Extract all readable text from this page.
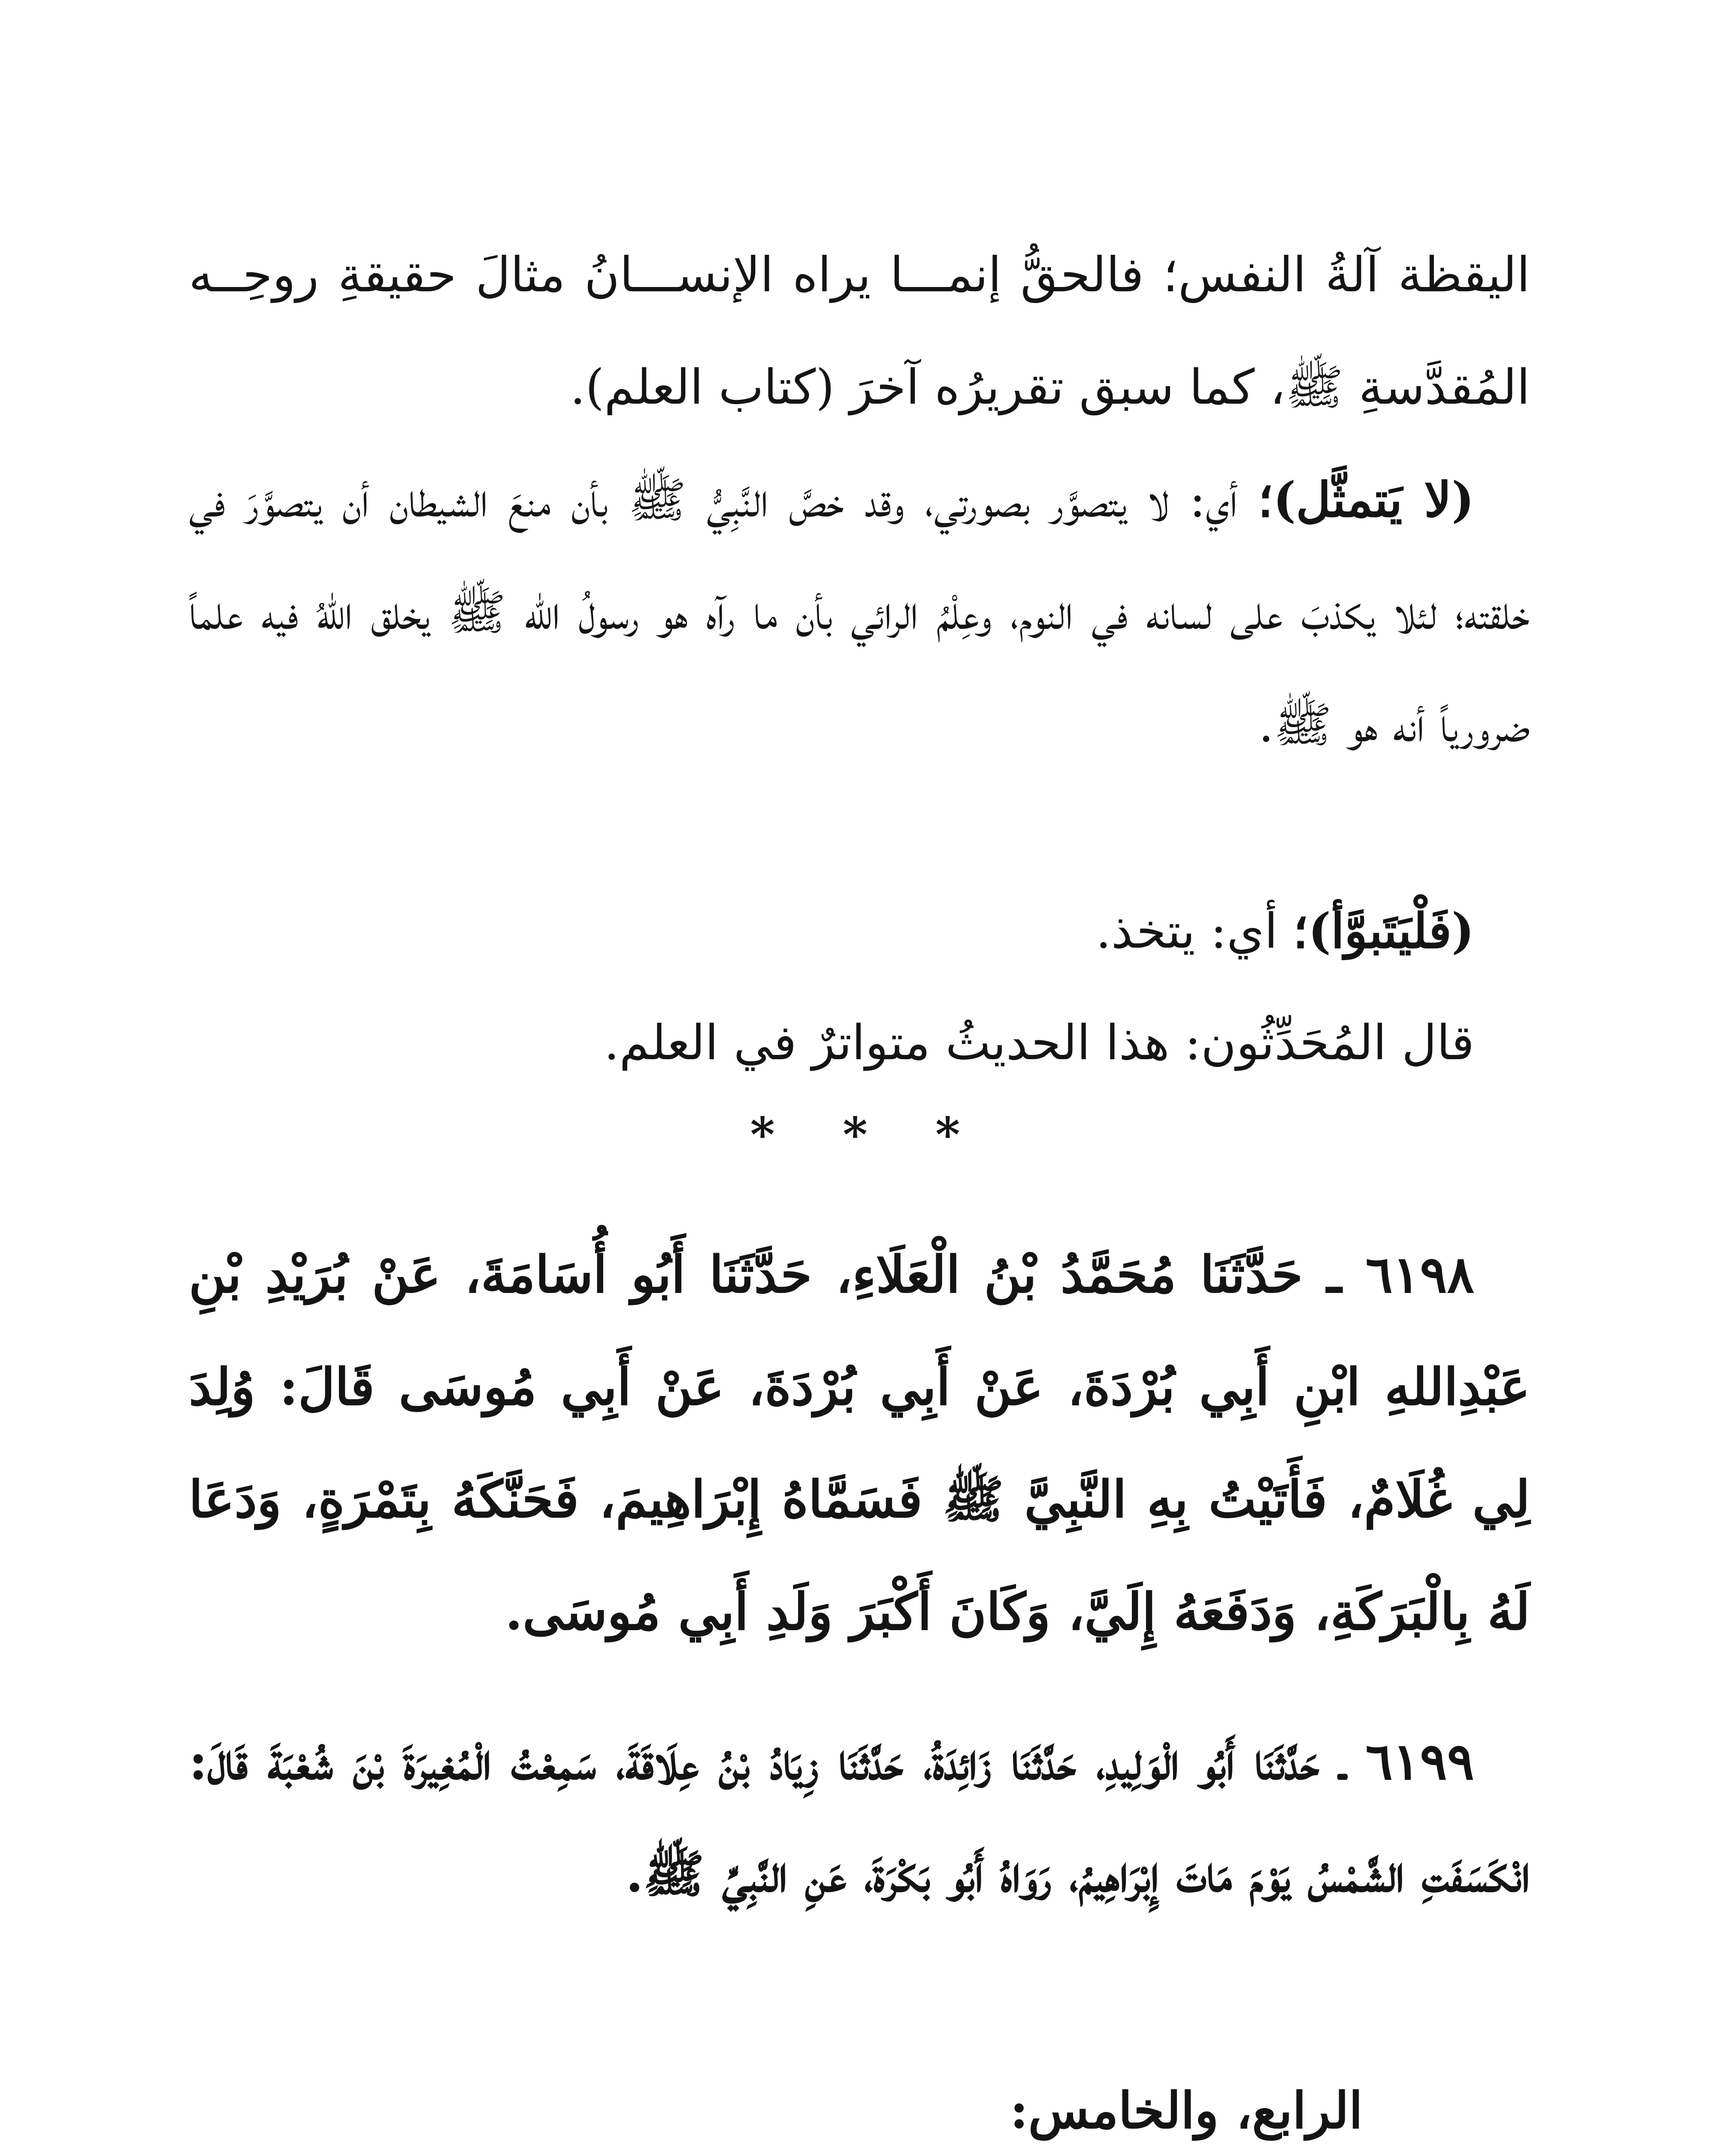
اليقظة آلةُ النفس؛ فالحقُّ إنمـــا يراه الإنســـانُ مثالَ حقيقةِ روحِــه المُقدَّسةِ ﷺ، كما سبق تقريرُه آخرَ (كتاب العلم).

(لا يَتمثَّل)؛ أي: لا يتصوَّر بصورتي، وقد خصَّ النَّبِيُّ ﷺ بأن منعَ الشيطان أن يتصوَّرَ في خلقته؛ لئلا يكذبَ على لسانه في النوم، وعِلْمُ الرائي بأن ما رآه هو رسولُ الله ﷺ يخلق اللهُ فيه علماً ضرورياً أنه هو ﷺ.

(فَلْيَتَبوَّأ)؛ أي: يتخذ.

قال المُحَدِّثُون: هذا الحديثُ متواترٌ في العلم.

* * *

٦١٩٨ ـ حَدَّثَنَا مُحَمَّدُ بْنُ الْعَلَاءِ، حَدَّثَنَا أَبُو أُسَامَةَ، عَنْ بُرَيْدِ بْنِ عَبْدِاللهِ ابْنِ أَبِي بُرْدَةَ، عَنْ أَبِي بُرْدَةَ، عَنْ أَبِي مُوسَى قَالَ: وُلِدَ لِي غُلَامٌ، فَأَتَيْتُ بِهِ النَّبِيَّ ﷺ فَسَمَّاهُ إِبْرَاهِيمَ، فَحَنَّكَهُ بِتَمْرَةٍ، وَدَعَا لَهُ بِالْبَرَكَةِ، وَدَفَعَهُ إِلَيَّ، وَكَانَ أَكْبَرَ وَلَدِ أَبِي مُوسَى.

٦١٩٩ ـ حَدَّثَنَا أَبُو الْوَلِيدِ، حَدَّثَنَا زَائِدَةُ، حَدَّثَنَا زِيَادُ بْنُ عِلَاقَةَ، سَمِعْتُ الْمُغِيرَةَ بْنَ شُعْبَةَ قَالَ: انْكَسَفَتِ الشَّمْسُ يَوْمَ مَاتَ إِبْرَاهِيمُ، رَوَاهُ أَبُو بَكْرَةَ، عَنِ النَّبِيِّ ﷺ.

الرابع، والخامس:
